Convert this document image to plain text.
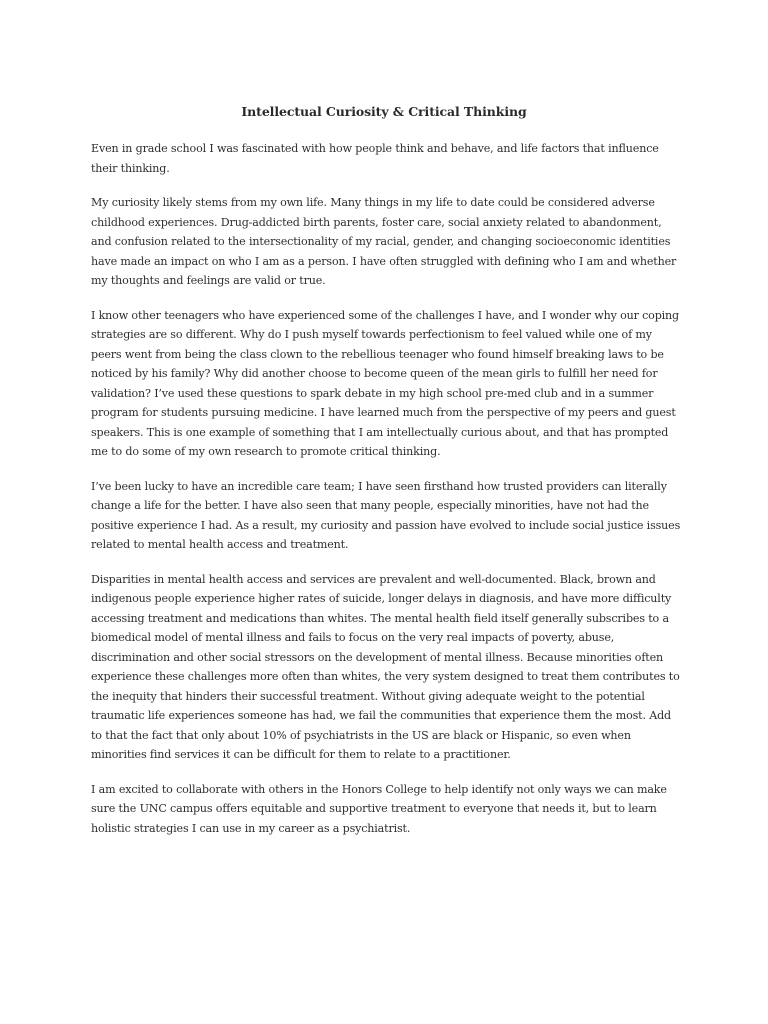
Intellectual Curiosity & Critical Thinking

Even in grade school I was fascinated with how people think and behave, and life factors that influence their thinking.

My curiosity likely stems from my own life. Many things in my life to date could be considered adverse childhood experiences. Drug-addicted birth parents, foster care, social anxiety related to abandonment, and confusion related to the intersectionality of my racial, gender, and changing socioeconomic identities have made an impact on who I am as a person. I have often struggled with defining who I am and whether my thoughts and feelings are valid or true.

I know other teenagers who have experienced some of the challenges I have, and I wonder why our coping strategies are so different. Why do I push myself towards perfectionism to feel valued while one of my peers went from being the class clown to the rebellious teenager who found himself breaking laws to be noticed by his family? Why did another choose to become queen of the mean girls to fulfill her need for validation? I’ve used these questions to spark debate in my high school pre-med club and in a summer program for students pursuing medicine. I have learned much from the perspective of my peers and guest speakers. This is one example of something that I am intellectually curious about, and that has prompted me to do some of my own research to promote critical thinking.

I’ve been lucky to have an incredible care team; I have seen firsthand how trusted providers can literally change a life for the better. I have also seen that many people, especially minorities, have not had the positive experience I had. As a result, my curiosity and passion have evolved to include social justice issues related to mental health access and treatment.

Disparities in mental health access and services are prevalent and well-documented. Black, brown and indigenous people experience higher rates of suicide, longer delays in diagnosis, and have more difficulty accessing treatment and medications than whites. The mental health field itself generally subscribes to a biomedical model of mental illness and fails to focus on the very real impacts of poverty, abuse, discrimination and other social stressors on the development of mental illness. Because minorities often experience these challenges more often than whites, the very system designed to treat them contributes to the inequity that hinders their successful treatment. Without giving adequate weight to the potential traumatic life experiences someone has had, we fail the communities that experience them the most. Add to that the fact that only about 10% of psychiatrists in the US are black or Hispanic, so even when minorities find services it can be difficult for them to relate to a practitioner.

I am excited to collaborate with others in the Honors College to help identify not only ways we can make sure the UNC campus offers equitable and supportive treatment to everyone that needs it, but to learn holistic strategies I can use in my career as a psychiatrist.
